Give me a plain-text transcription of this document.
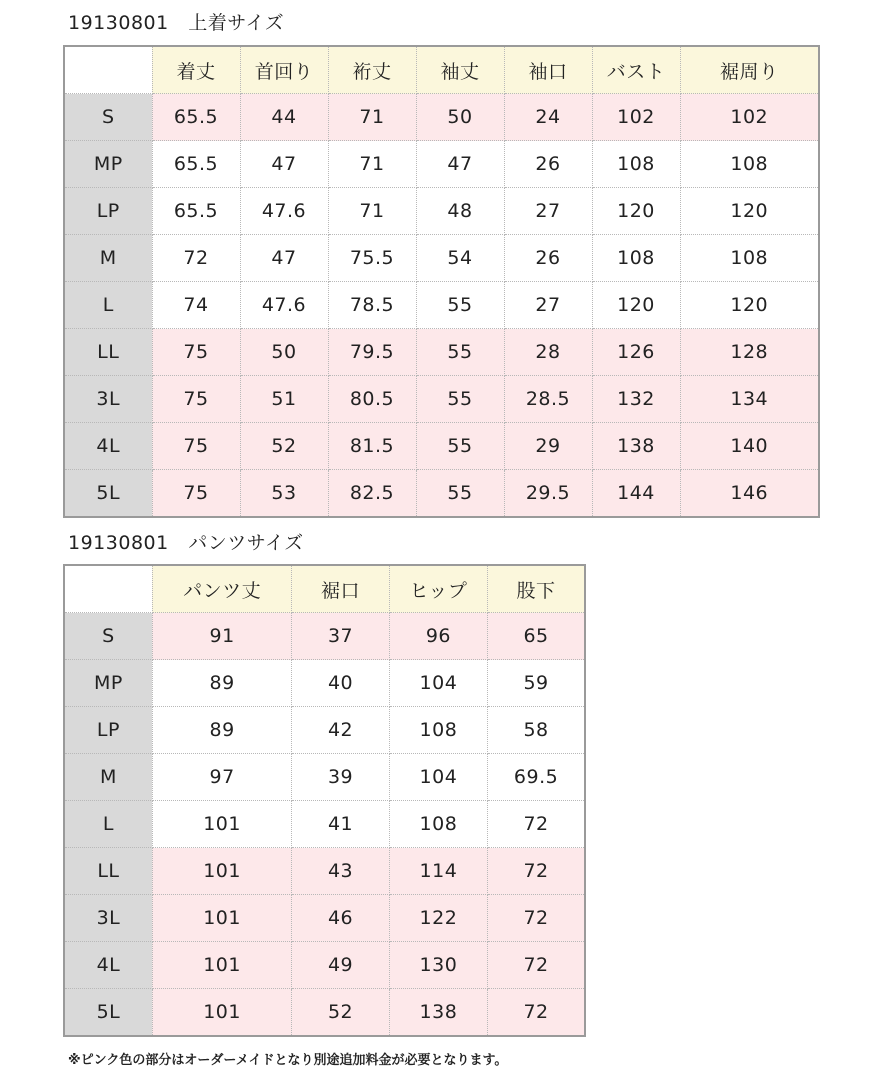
19130801　上着サイズ
	着丈	首回り	裄丈	袖丈	袖口	バスト	裾周り
S	65.5	44	71	50	24	102	102
MP	65.5	47	71	47	26	108	108
LP	65.5	47.6	71	48	27	120	120
M	72	47	75.5	54	26	108	108
L	74	47.6	78.5	55	27	120	120
LL	75	50	79.5	55	28	126	128
3L	75	51	80.5	55	28.5	132	134
4L	75	52	81.5	55	29	138	140
5L	75	53	82.5	55	29.5	144	146
19130801　パンツサイズ
	パンツ丈	裾口	ヒップ	股下
S	91	37	96	65
MP	89	40	104	59
LP	89	42	108	58
M	97	39	104	69.5
L	101	41	108	72
LL	101	43	114	72
3L	101	46	122	72
4L	101	49	130	72
5L	101	52	138	72
※ピンク色の部分はオーダーメイドとなり別途追加料金が必要となります。
